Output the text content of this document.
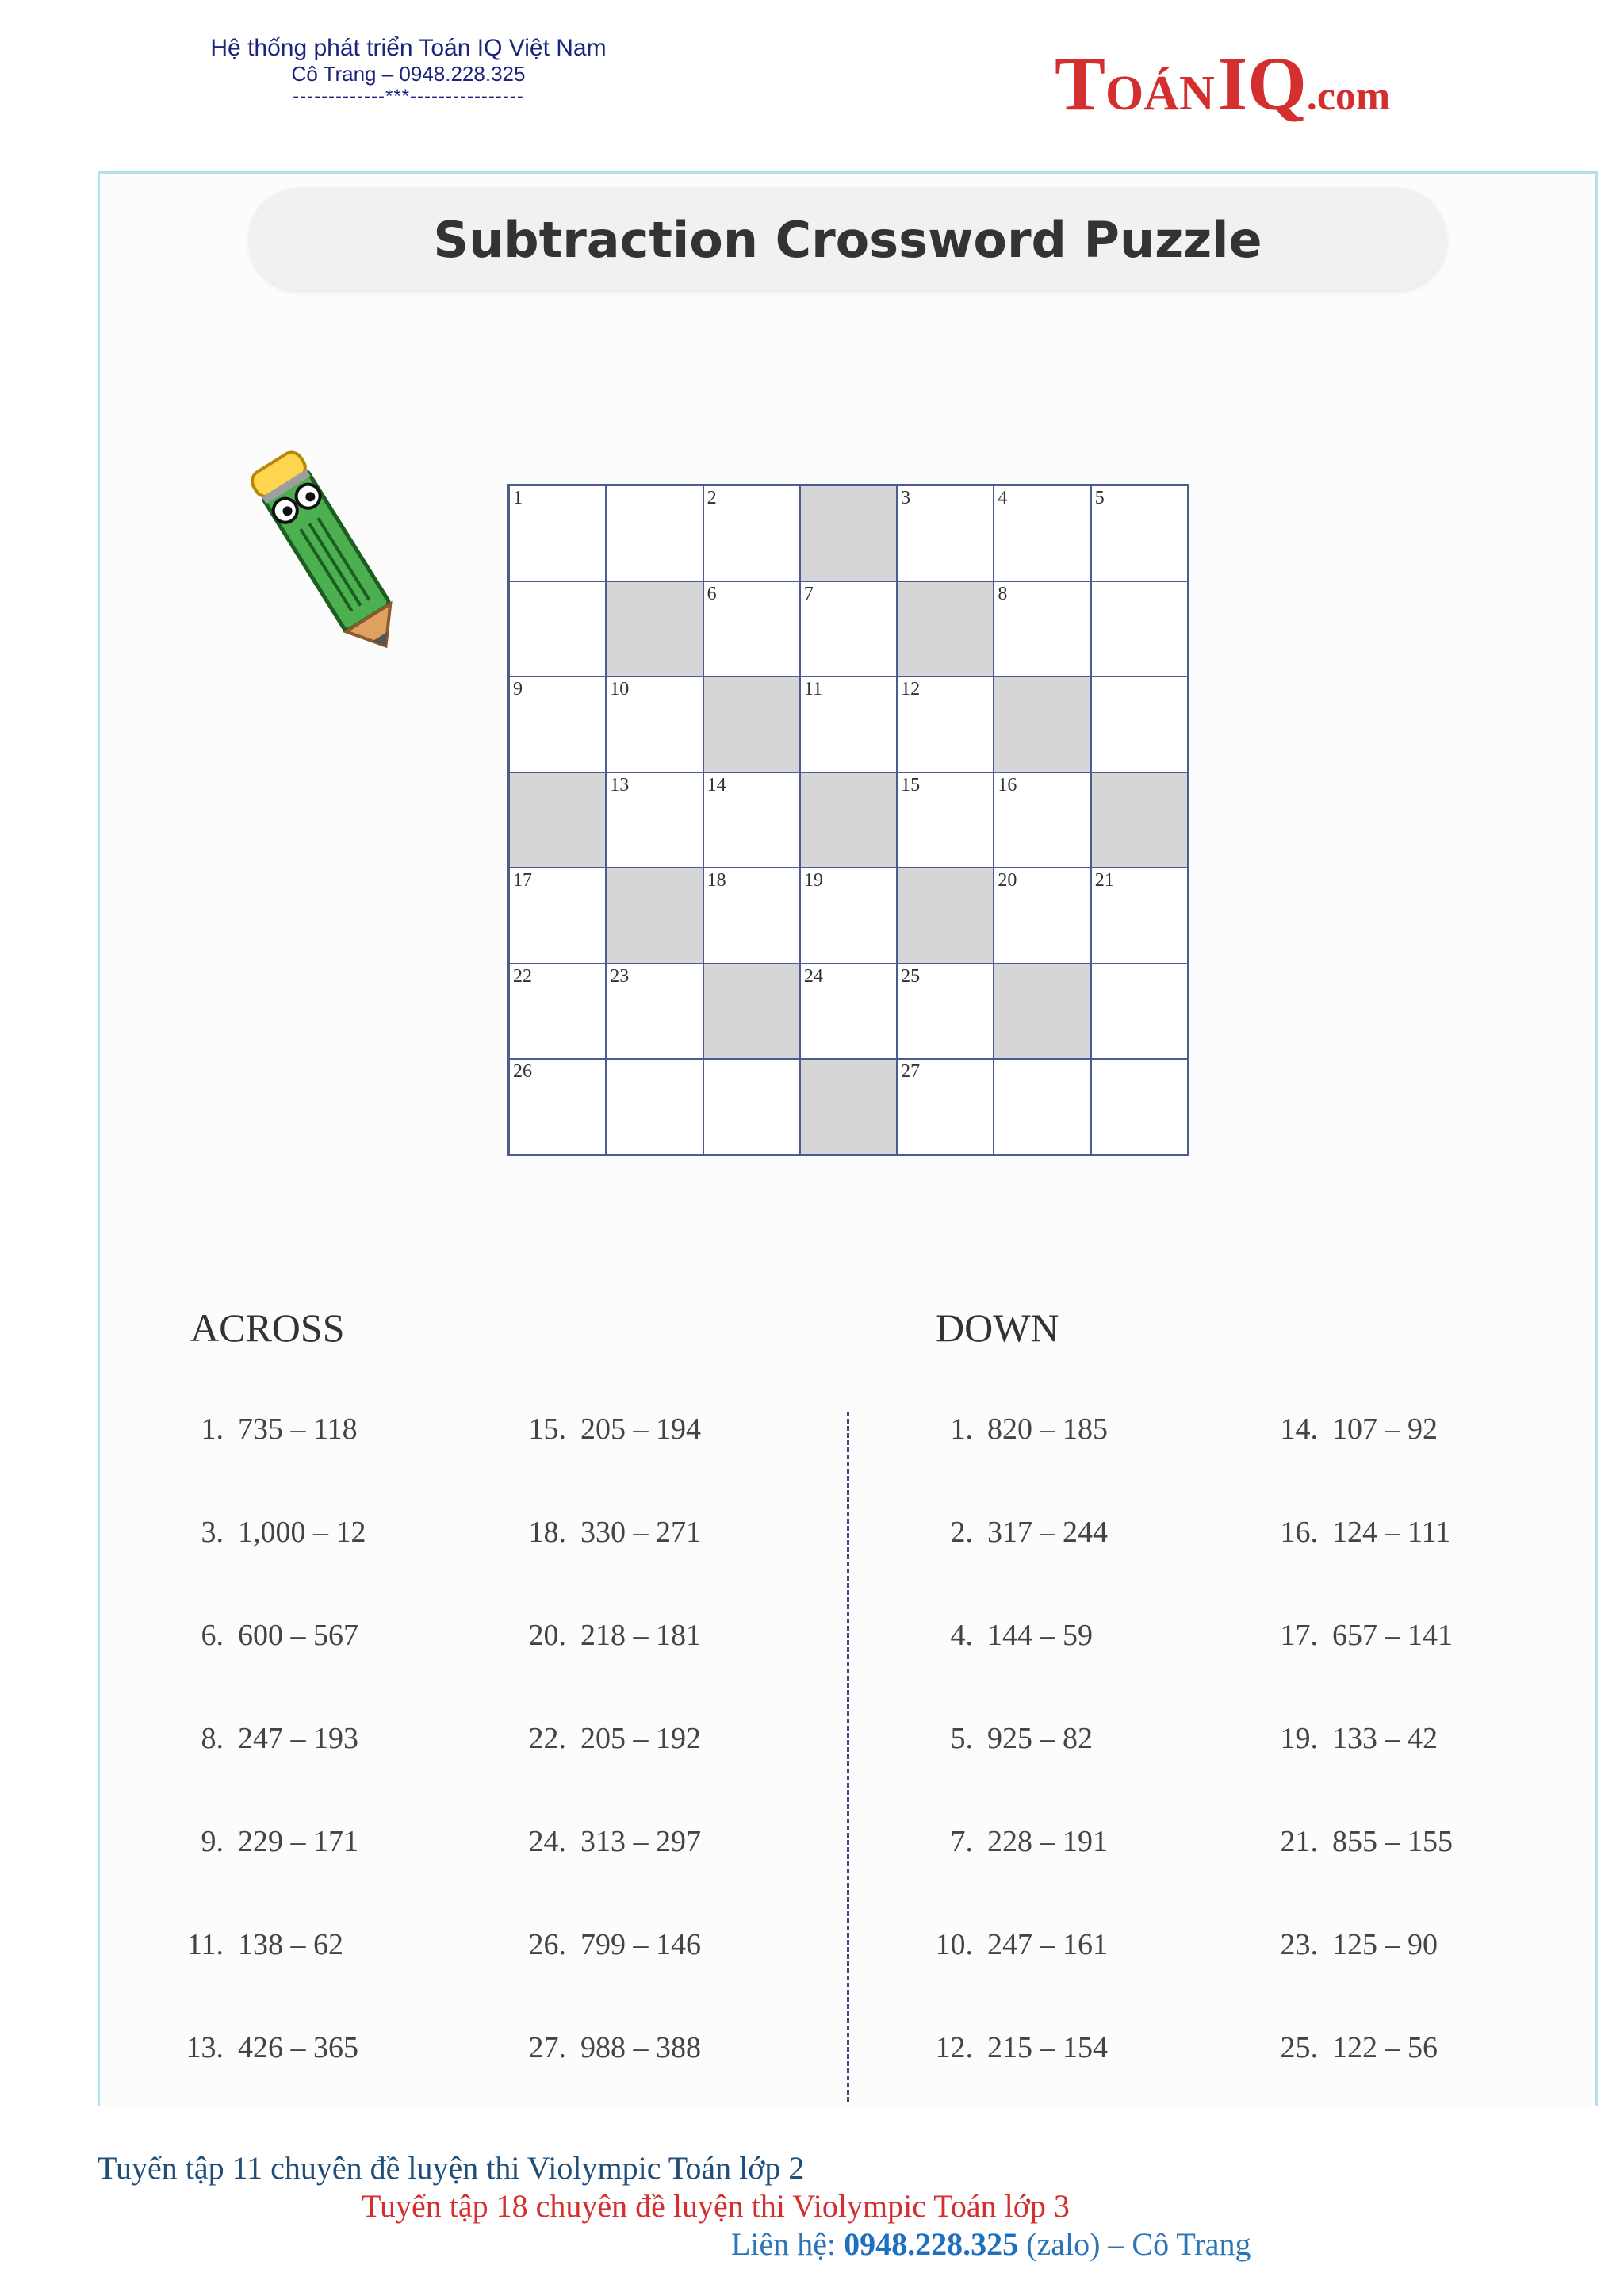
Hệ thống phát triển Toán IQ Việt Nam
Cô Trang – 0948.228.325
-------------***----------------	TOÁN IQ.com
Subtraction Crossword Puzzle
1	2	3	4	5
6	7	8
9	10	11	12
13	14	15	16
17	18	19	20	21
22	23	24	25
26	27
ACROSS	DOWN
1. 735 – 118
3. 1,000 – 12
6. 600 – 567
8. 247 – 193
9. 229 – 171
11. 138 – 62
13. 426 – 365
15. 205 – 194
18. 330 – 271
20. 218 – 181
22. 205 – 192
24. 313 – 297
26. 799 – 146
27. 988 – 388
1. 820 – 185
2. 317 – 244
4. 144 – 59
5. 925 – 82
7. 228 – 191
10. 247 – 161
12. 215 – 154
14. 107 – 92
16. 124 – 111
17. 657 – 141
19. 133 – 42
21. 855 – 155
23. 125 – 90
25. 122 – 56
Tuyển tập 11 chuyên đề luyện thi Violympic Toán lớp 2
Tuyển tập 18 chuyên đề luyện thi Violympic Toán lớp 3
Liên hệ: 0948.228.325 (zalo) – Cô Trang
